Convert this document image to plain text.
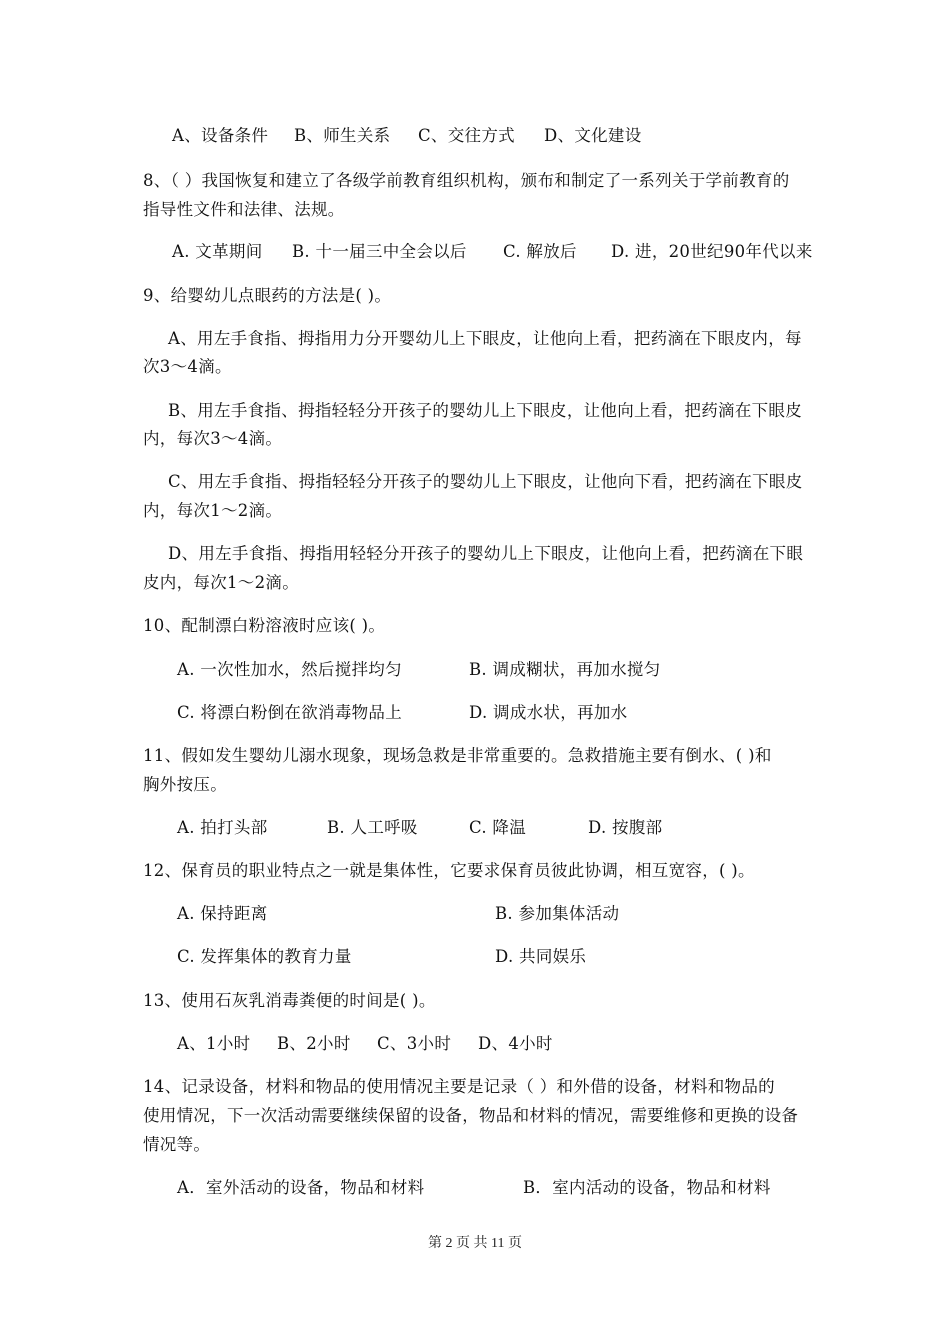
A、设备条件 B、师生关系 C、交往方式 D、文化建设
8、（ ）我国恢复和建立了各级学前教育组织机构，颁布和制定了一系列关于学前教育的
指导性文件和法律、法规。
A. 文革期间 B. 十一届三中全会以后 C. 解放后 D. 进，20世纪90年代以来
9、给婴幼儿点眼药的方法是( )。
A、用左手食指、拇指用力分开婴幼儿上下眼皮，让他向上看，把药滴在下眼皮内，每
次3～4滴。
B、用左手食指、拇指轻轻分开孩子的婴幼儿上下眼皮，让他向上看，把药滴在下眼皮
内，每次3～4滴。
C、用左手食指、拇指轻轻分开孩子的婴幼儿上下眼皮，让他向下看，把药滴在下眼皮
内，每次1～2滴。
D、用左手食指、拇指用轻轻分开孩子的婴幼儿上下眼皮，让他向上看，把药滴在下眼
皮内，每次1～2滴。
10、配制漂白粉溶液时应该( )。
A. 一次性加水，然后搅拌均匀	B. 调成糊状，再加水搅匀
C. 将漂白粉倒在欲消毒物品上	D. 调成水状，再加水
11、假如发生婴幼儿溺水现象，现场急救是非常重要的。急救措施主要有倒水、( )和
胸外按压。
A. 拍打头部	B. 人工呼吸	C. 降温	D. 按腹部
12、保育员的职业特点之一就是集体性，它要求保育员彼此协调，相互宽容，( )。
A. 保持距离	B. 参加集体活动
C. 发挥集体的教育力量	D. 共同娱乐
13、使用石灰乳消毒粪便的时间是( )。
A、1小时 B、2小时 C、3小时 D、4小时
14、记录设备，材料和物品的使用情况主要是记录（ ）和外借的设备，材料和物品的
使用情况，下一次活动需要继续保留的设备，物品和材料的情况，需要维修和更换的设备
情况等。
A．室外活动的设备，物品和材料	B．室内活动的设备，物品和材料
第 2 页 共 11 页
